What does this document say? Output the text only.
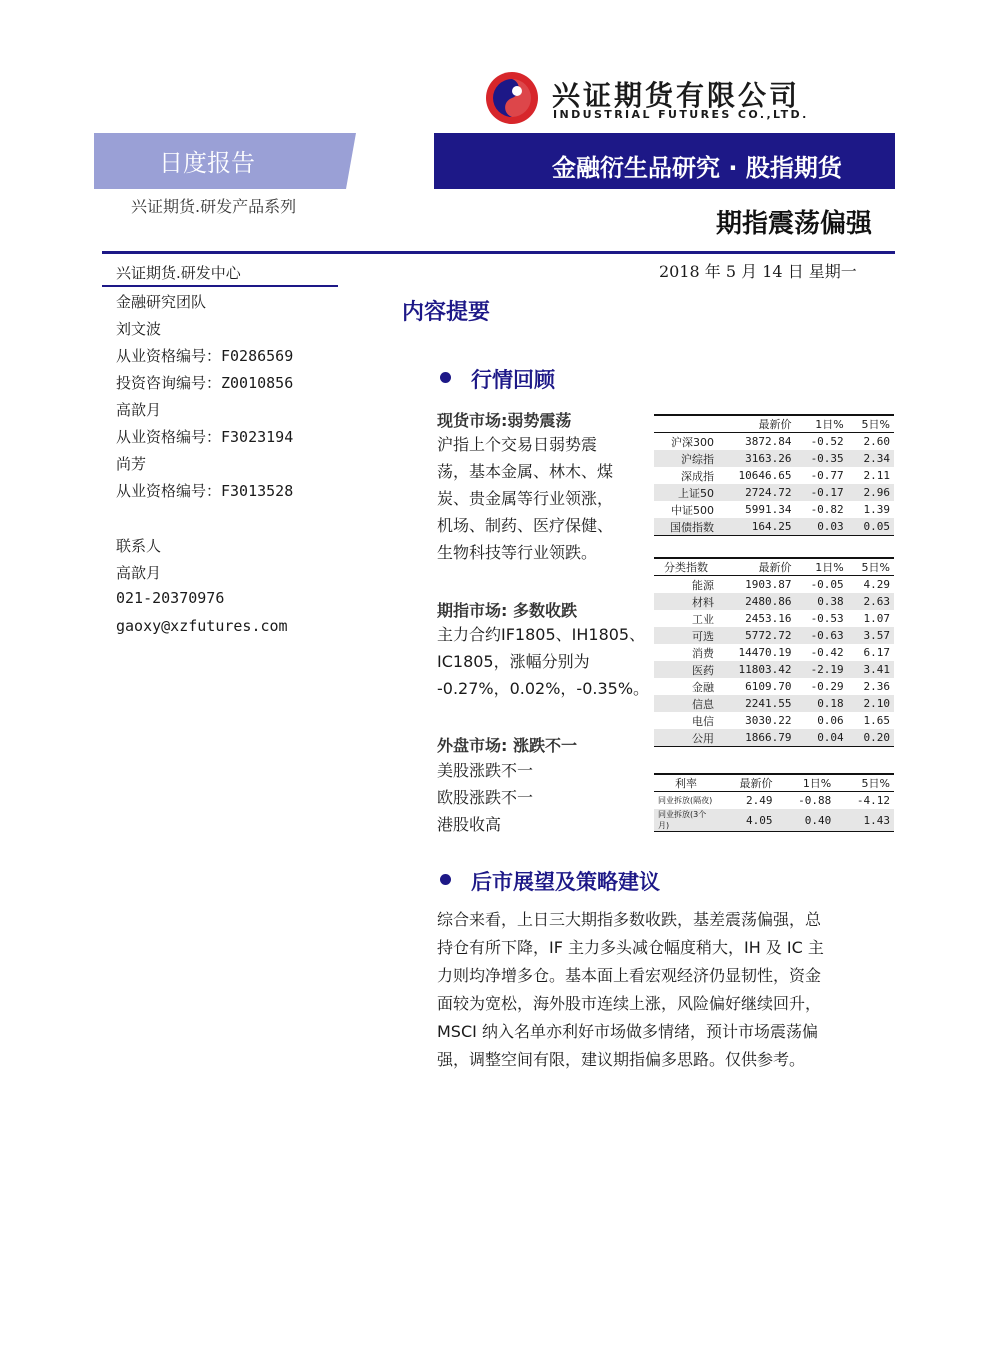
兴证期货有限公司
INDUSTRIAL FUTURES CO.,LTD.
日度报告	金融衍生品研究 · 股指期货
兴证期货.研发产品系列
期指震荡偏强
2018 年 5 月 14 日 星期一
兴证期货.研发中心
金融研究团队
刘文波
从业资格编号：F0286569
投资咨询编号：Z0010856
高歆月
从业资格编号：F3023194
尚芳
从业资格编号：F3013528
联系人
高歆月
021-20370976
gaoxy@xzfutures.com
内容提要
行情回顾
现货市场:弱势震荡
沪指上个交易日弱势震
荡，基本金属、林木、煤
炭、贵金属等行业领涨，
机场、制药、医疗保健、
生物科技等行业领跌。
期指市场: 多数收跌
主力合约IF1805、IH1805、
IC1805，涨幅分别为
-0.27%，0.02%，-0.35%。
外盘市场: 涨跌不一
美股涨跌不一
欧股涨跌不一
港股收高
后市展望及策略建议
综合来看，上日三大期指多数收跌，基差震荡偏强，总
持仓有所下降，IF 主力多头减仓幅度稍大，IH 及 IC 主
力则均净增多仓。基本面上看宏观经济仍显韧性，资金
面较为宽松，海外股市连续上涨，风险偏好继续回升，
MSCI 纳入名单亦利好市场做多情绪，预计市场震荡偏
强，调整空间有限，建议期指偏多思路。仅供参考。
	最新价	1日%	5日%
沪深300	3872.84	-0.52	2.60
沪综指	3163.26	-0.35	2.34
深成指	10646.65	-0.77	2.11
上证50	2724.72	-0.17	2.96
中证500	5991.34	-0.82	1.39
国债指数	164.25	0.03	0.05
分类指数	最新价	1日%	5日%
能源	1903.87	-0.05	4.29
材料	2480.86	0.38	2.63
工业	2453.16	-0.53	1.07
可选	5772.72	-0.63	3.57
消费	14470.19	-0.42	6.17
医药	11803.42	-2.19	3.41
金融	6109.70	-0.29	2.36
信息	2241.55	0.18	2.10
电信	3030.22	0.06	1.65
公用	1866.79	0.04	0.20
利率	最新价	1日%	5日%
同业拆放(隔夜)	2.49	-0.88	-4.12
同业拆放(3个月)	4.05	0.40	1.43
